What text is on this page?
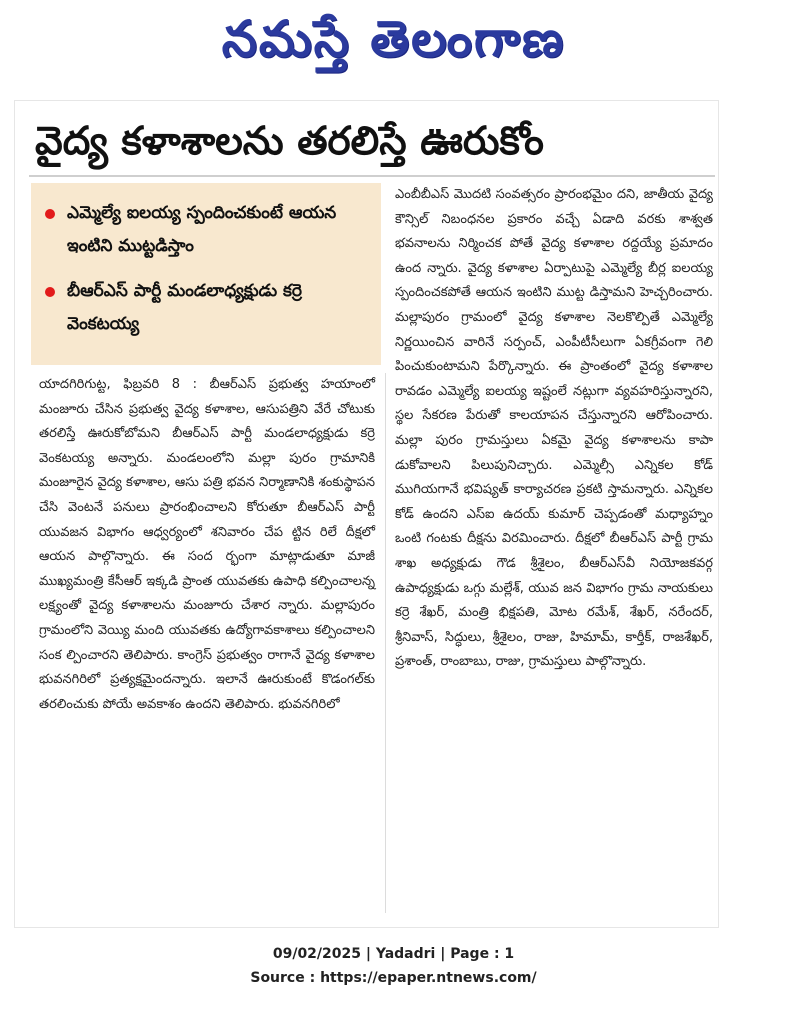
నమస్తే తెలంగాణ
వైద్య కళాశాలను తరలిస్తే ఊరుకోం
ఎమ్మెల్యే ఐలయ్య స్పందించకుంటే ఆయన ఇంటిని ముట్టడిస్తాం
బీఆర్‌ఎస్ పార్టీ మండలాధ్యక్షుడు కర్రె వెంకటయ్య
యాదగిరిగుట్ట, ఫిబ్రవరి 8 : బీఆర్‌ఎస్ ప్రభుత్వ హయాంలో మంజూరు చేసిన ప్రభుత్వ వైద్య కళాశాల, ఆసుపత్రిని వేరే చోటుకు తరలిస్తే ఊరుకోబోమని బీఆర్‌ఎస్ పార్టీ మండలాధ్యక్షుడు కర్రె వెంకటయ్య అన్నారు. మండలంలోని మల్లా పురం గ్రామానికి మంజూరైన వైద్య కళాశాల, ఆసు పత్రి భవన నిర్మాణానికి శంకుస్థాపన చేసి వెంటనే పనులు ప్రారంభించాలని కోరుతూ బీఆర్‌ఎస్ పార్టీ యువజన విభాగం ఆధ్వర్యంలో శనివారం చేప ట్టిన రిలే దీక్షలో ఆయన పాల్గొన్నారు. ఈ సంద ర్భంగా మాట్లాడుతూ మాజీ ముఖ్యమంత్రి కేసీఆర్ ఇక్కడి ప్రాంత యువతకు ఉపాధి కల్పించాలన్న లక్ష్యంతో వైద్య కళాశాలను మంజూరు చేశార న్నారు. మల్లాపురం గ్రామంలోని వెయ్యి మంది యువతకు ఉద్యోగావకాశాలు కల్పించాలని సంక ల్పించారని తెలిపారు. కాంగ్రెస్ ప్రభుత్వం రాగానే వైద్య కళాశాల భువనగిరిలో ప్రత్యక్షమైందన్నారు. ఇలానే ఊరుకుంటే కొడంగల్‌కు తరలించుకు పోయే అవకాశం ఉందని తెలిపారు. భువనగిరిలో
ఎంబీబీఎస్ మొదటి సంవత్సరం ప్రారంభమైం దని, జాతీయ వైద్య కౌన్సిల్ నిబంధనల ప్రకారం వచ్చే ఏడాది వరకు శాశ్వత భవనాలను నిర్మించక పోతే వైద్య కళాశాల రద్దయ్యే ప్రమాదం ఉంద న్నారు. వైద్య కళాశాల ఏర్పాటుపై ఎమ్మెల్యే బీర్ల ఐలయ్య స్పందించకపోతే ఆయన ఇంటిని ముట్ట డిస్తామని హెచ్చరించారు. మల్లాపురం గ్రామంలో వైద్య కళాశాల నెలకొల్పితే ఎమ్మెల్యే నిర్ణయించిన వారినే సర్పంచ్, ఎంపీటీసీలుగా ఏకగ్రీవంగా గెలి పించుకుంటామని పేర్కొన్నారు. ఈ ప్రాంతంలో వైద్య కళాశాల రావడం ఎమ్మెల్యే ఐలయ్య ఇష్టంలే నట్లుగా వ్యవహరిస్తున్నారని, స్థల సేకరణ పేరుతో కాలయాపన చేస్తున్నారని ఆరోపించారు. మల్లా పురం గ్రామస్తులు ఏకమై వైద్య కళాశాలను కాపా డుకోవాలని పిలుపునిచ్చారు. ఎమ్మెల్సీ ఎన్నికల కోడ్ ముగియగానే భవిష్యత్ కార్యాచరణ ప్రకటి స్తామన్నారు. ఎన్నికల కోడ్ ఉందని ఎస్ఐ ఉదయ్ కుమార్ చెప్పడంతో మధ్యాహ్నం ఒంటి గంటకు దీక్షను విరమించారు. దీక్షలో బీఆర్‌ఎస్ పార్టీ గ్రామ శాఖ అధ్యక్షుడు గౌడ శ్రీశైలం, బీఆర్‌ఎస్‌వీ నియోజకవర్గ ఉపాధ్యక్షుడు ఒగ్గు మల్లేశ్, యువ జన విభాగం గ్రామ నాయకులు కర్రె శేఖర్, మంత్రి భిక్షపతి, మోట రమేశ్, శేఖర్, నరేందర్, శ్రీనివాస్, సిద్ధులు, శ్రీశైలం, రాజు, హిమామ్, కార్తీక్, రాజశేఖర్, ప్రశాంత్, రాంబాబు, రాజు, గ్రామస్తులు పాల్గొన్నారు.
09/02/2025 | Yadadri | Page : 1
Source : https://epaper.ntnews.com/
